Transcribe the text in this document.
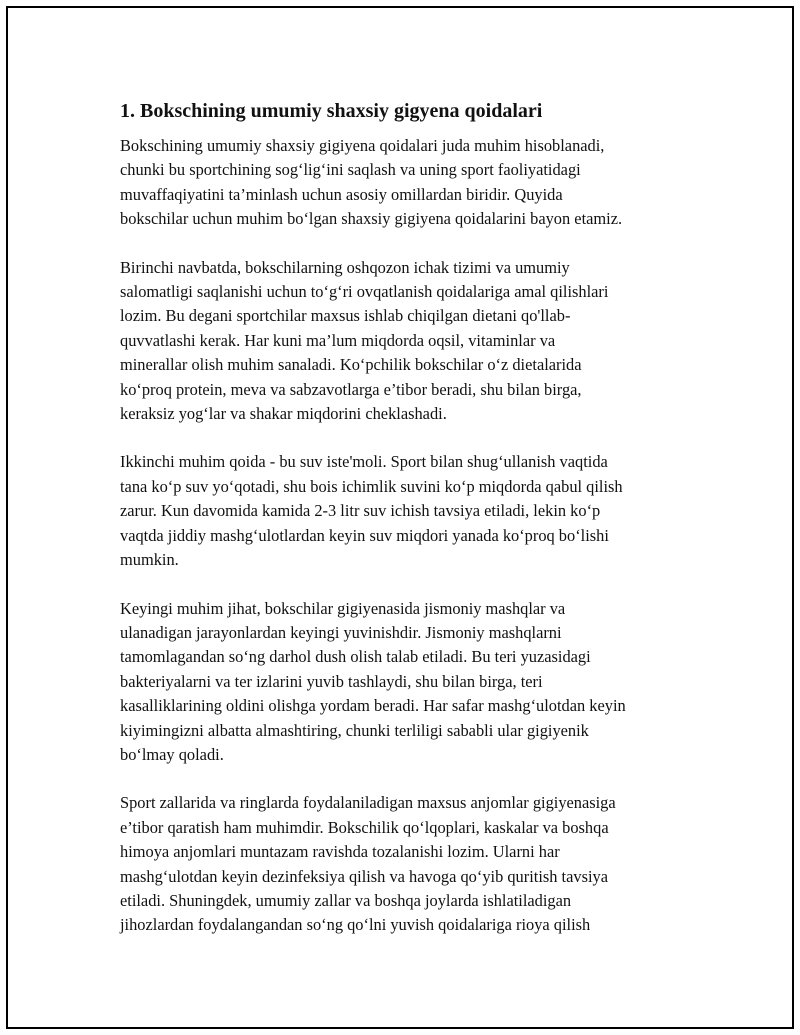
1. Bokschining umumiy shaxsiy gigyena qoidalari

Bokschining umumiy shaxsiy gigiyena qoidalari juda muhim hisoblanadi,
chunki bu sportchining sog‘lig‘ini saqlash va uning sport faoliyatidagi
muvaffaqiyatini ta’minlash uchun asosiy omillardan biridir. Quyida
bokschilar uchun muhim bo‘lgan shaxsiy gigiyena qoidalarini bayon etamiz.

Birinchi navbatda, bokschilarning oshqozon ichak tizimi va umumiy
salomatligi saqlanishi uchun to‘g‘ri ovqatlanish qoidalariga amal qilishlari
lozim. Bu degani sportchilar maxsus ishlab chiqilgan dietani qo'llab-
quvvatlashi kerak. Har kuni ma’lum miqdorda oqsil, vitaminlar va
minerallar olish muhim sanaladi. Ko‘pchilik bokschilar o‘z dietalarida
ko‘proq protein, meva va sabzavotlarga e’tibor beradi, shu bilan birga,
keraksiz yog‘lar va shakar miqdorini cheklashadi.

Ikkinchi muhim qoida - bu suv iste'moli. Sport bilan shug‘ullanish vaqtida
tana ko‘p suv yo‘qotadi, shu bois ichimlik suvini ko‘p miqdorda qabul qilish
zarur. Kun davomida kamida 2-3 litr suv ichish tavsiya etiladi, lekin ko‘p
vaqtda jiddiy mashg‘ulotlardan keyin suv miqdori yanada ko‘proq bo‘lishi
mumkin.

Keyingi muhim jihat, bokschilar gigiyenasida jismoniy mashqlar va
ulanadigan jarayonlardan keyingi yuvinishdir. Jismoniy mashqlarni
tamomlagandan so‘ng darhol dush olish talab etiladi. Bu teri yuzasidagi
bakteriyalarni va ter izlarini yuvib tashlaydi, shu bilan birga, teri
kasalliklarining oldini olishga yordam beradi. Har safar mashg‘ulotdan keyin
kiyimingizni albatta almashtiring, chunki terliligi sababli ular gigiyenik
bo‘lmay qoladi.

Sport zallarida va ringlarda foydalaniladigan maxsus anjomlar gigiyenasiga
e’tibor qaratish ham muhimdir. Bokschilik qo‘lqoplari, kaskalar va boshqa
himoya anjomlari muntazam ravishda tozalanishi lozim. Ularni har
mashg‘ulotdan keyin dezinfeksiya qilish va havoga qo‘yib quritish tavsiya
etiladi. Shuningdek, umumiy zallar va boshqa joylarda ishlatiladigan
jihozlardan foydalangandan so‘ng qo‘lni yuvish qoidalariga rioya qilish
